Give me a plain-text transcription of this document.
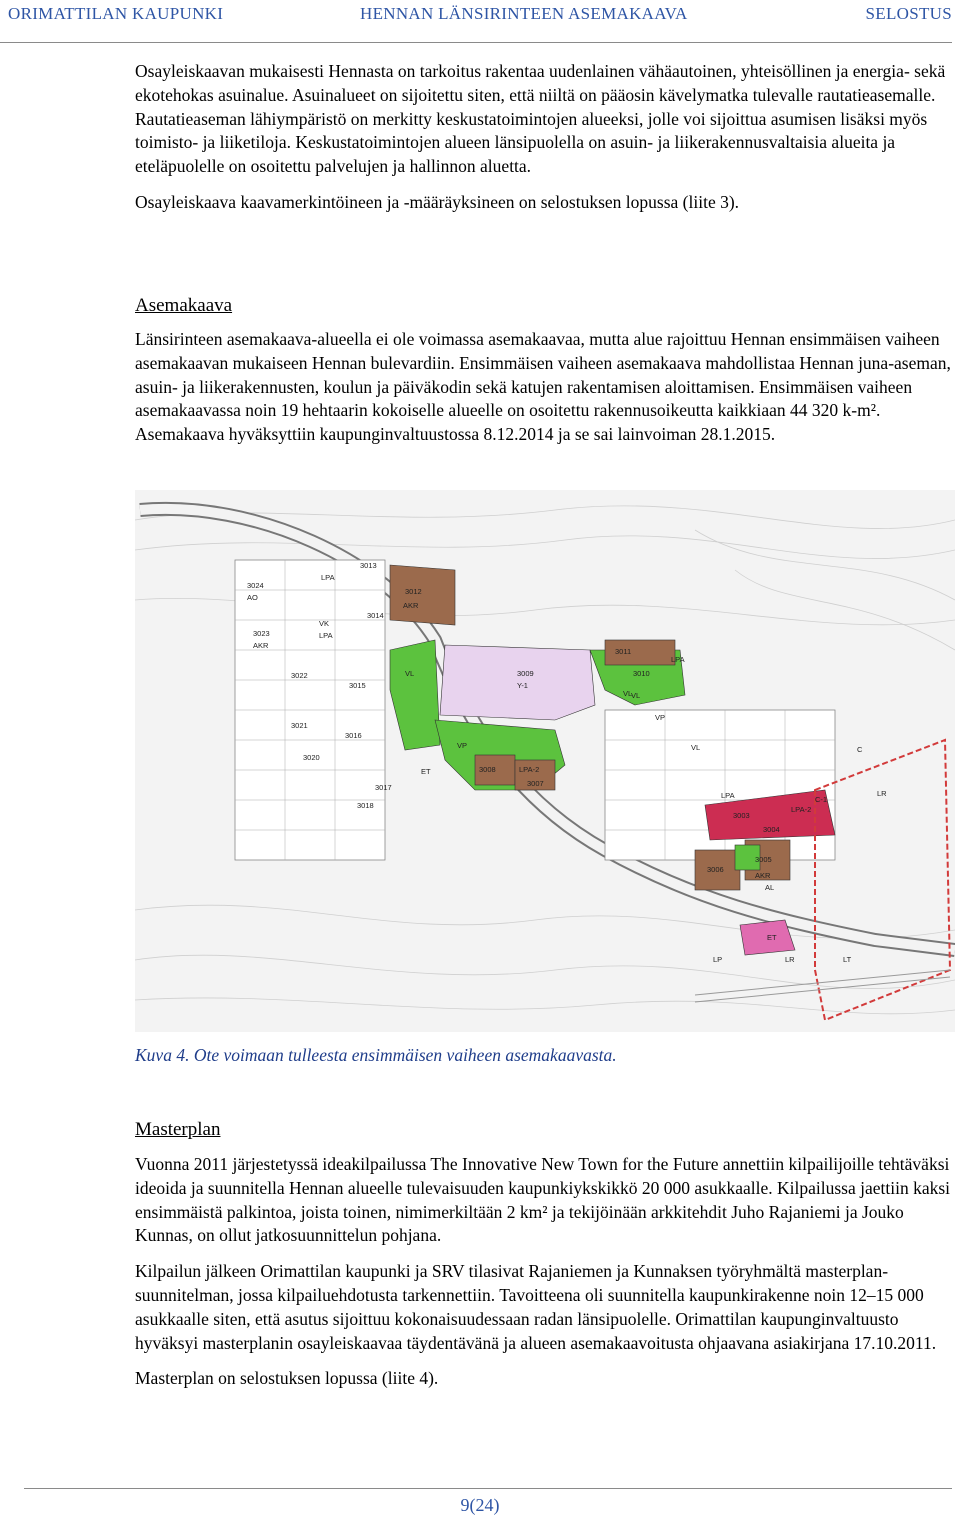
ORIMATTILAN KAUPUNKI	HENNAN LÄNSIRINTEEN ASEMAKAAVA	SELOSTUS

Osayleiskaavan mukaisesti Hennasta on tarkoitus rakentaa uudenlainen vähäautoinen, yhteisöllinen ja energia- sekä ekotehokas asuinalue. Asuinalueet on sijoitettu siten, että niiltä on pääosin kävelymatka tulevalle rautatieasemalle. Rautatieaseman lähiympäristö on merkitty keskustatoimintojen alueeksi, jolle voi sijoittua asumisen lisäksi myös toimisto- ja liiketiloja. Keskustatoimintojen alueen länsipuolella on asuin- ja liikerakennusvaltaisia alueita ja eteläpuolelle on osoitettu palvelujen ja hallinnon aluetta.

Osayleiskaava kaavamerkintöineen ja -määräyksineen on selostuksen lopussa (liite 3).

Asemakaava

Länsirinteen asemakaava-alueella ei ole voimassa asemakaavaa, mutta alue rajoittuu Hennan ensimmäisen vaiheen asemakaavan mukaiseen Hennan bulevardiin. Ensimmäisen vaiheen asemakaava mahdollistaa Hennan juna-aseman, asuin- ja liikerakennusten, koulun ja päiväkodin sekä katujen rakentamisen aloittamisen. Ensimmäisen vaiheen asemakaavassa noin 19 hehtaarin kokoiselle alueelle on osoitettu rakennusoikeutta kaikkiaan 44 320 k-m². Asemakaava hyväksyttiin kaupunginvaltuustossa 8.12.2014 ja se sai lainvoiman 28.1.2015.

3013
3024
AO
LPA
3012
AKR
VK
3023
3014
LPA
AKR
VL
3022
3015
3009
Y-1
3011
3010
VL
LPA
3021
3016
VP
3020
3008	LPA-2
3007
ET
3017
3018
VL
3003
LPA-2
3004
C-1
LPA
3006
3005
LR
ET
LP	LR	LT
C
VP
VL
AKR
AL
Kuva 4. Ote voimaan tulleesta ensimmäisen vaiheen asemakaavasta.
Masterplan

Vuonna 2011 järjestetyssä ideakilpailussa The Innovative New Town for the Future annettiin kilpailijoille tehtäväksi ideoida ja suunnitella Hennan alueelle tulevaisuuden kaupunkiykskikkö 20 000 asukkaalle. Kilpailussa jaettiin kaksi ensimmäistä palkintoa, joista toinen, nimimerkiltään 2 km² ja tekijöinään arkkitehdit Juho Rajaniemi ja Jouko Kunnas, on ollut jatkosuunnittelun pohjana.

Kilpailun jälkeen Orimattilan kaupunki ja SRV tilasivat Rajaniemen ja Kunnaksen työryhmältä masterplan-suunnitelman, jossa kilpailuehdotusta tarkennettiin. Tavoitteena oli suunnitella kaupunkirakenne noin 12–15 000 asukkaalle siten, että asutus sijoittuu kokonaisuudessaan radan länsipuolelle. Orimattilan kaupunginvaltuusto hyväksyi masterplanin osayleiskaavaa täydentävänä ja alueen asemakaavoitusta ohjaavana asiakirjana 17.10.2011.

Masterplan on selostuksen lopussa (liite 4).

9(24)
